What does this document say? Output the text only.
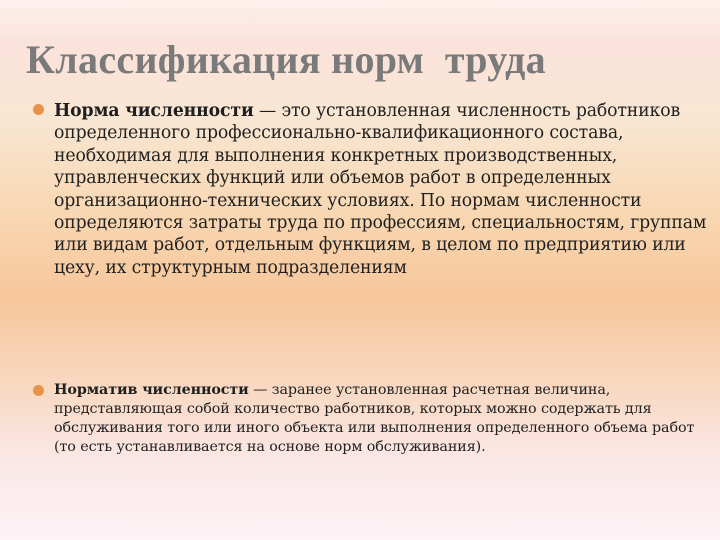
Классификация норм  труда

Норма численности — это установленная численность работников определенного профессионально-квалификационного состава, необходимая для выполнения конкретных производственных, управленческих функций или объемов работ в определенных организационно-технических условиях. По нормам численности определяются затраты труда по профессиям, специальностям, группам или видам работ, отдельным функциям, в целом по предприятию или цеху, их структурным подразделениям

Норматив численности — заранее установленная расчетная величина, представляющая собой количество работников, которых можно содержать для обслуживания того или иного объекта или выполнения определенного объема работ (то есть устанавливается на основе норм обслуживания).
